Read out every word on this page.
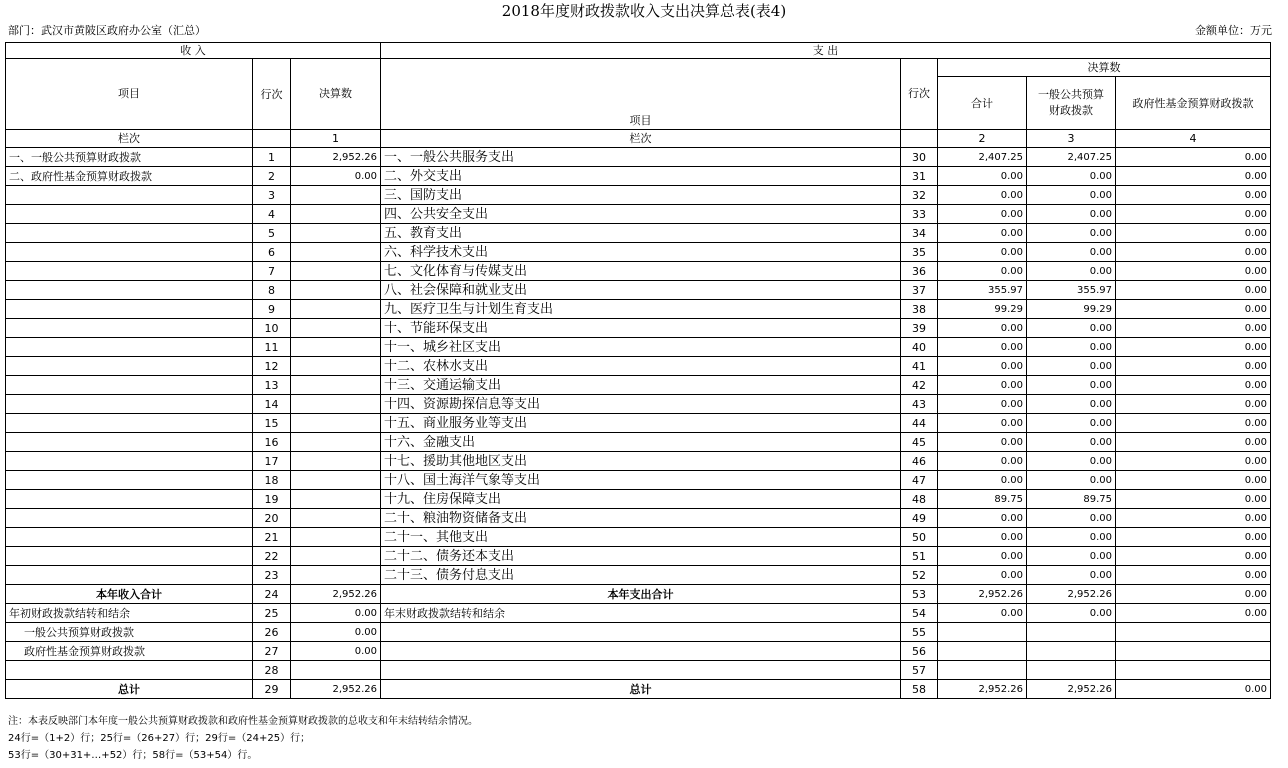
2018年度财政拨款收入支出决算总表(表4)
部门：武汉市黄陂区政府办公室（汇总）	金额单位：万元
收 入			支 出				
项目	行次	决算数	项目	行次	决算数		
					合计	一般公共预算财政拨款	政府性基金预算财政拨款
栏次		1	栏次		2	3	4
一、一般公共预算财政拨款	1	2,952.26	一、一般公共服务支出	30	2,407.25	2,407.25	0.00
二、政府性基金预算财政拨款	2	0.00	二、外交支出	31	0.00	0.00	0.00
	3		三、国防支出	32	0.00	0.00	0.00
	4		四、公共安全支出	33	0.00	0.00	0.00
	5		五、教育支出	34	0.00	0.00	0.00
	6		六、科学技术支出	35	0.00	0.00	0.00
	7		七、文化体育与传媒支出	36	0.00	0.00	0.00
	8		八、社会保障和就业支出	37	355.97	355.97	0.00
	9		九、医疗卫生与计划生育支出	38	99.29	99.29	0.00
	10		十、节能环保支出	39	0.00	0.00	0.00
	11		十一、城乡社区支出	40	0.00	0.00	0.00
	12		十二、农林水支出	41	0.00	0.00	0.00
	13		十三、交通运输支出	42	0.00	0.00	0.00
	14		十四、资源勘探信息等支出	43	0.00	0.00	0.00
	15		十五、商业服务业等支出	44	0.00	0.00	0.00
	16		十六、金融支出	45	0.00	0.00	0.00
	17		十七、援助其他地区支出	46	0.00	0.00	0.00
	18		十八、国土海洋气象等支出	47	0.00	0.00	0.00
	19		十九、住房保障支出	48	89.75	89.75	0.00
	20		二十、粮油物资储备支出	49	0.00	0.00	0.00
	21		二十一、其他支出	50	0.00	0.00	0.00
	22		二十二、债务还本支出	51	0.00	0.00	0.00
	23		二十三、债务付息支出	52	0.00	0.00	0.00
本年收入合计	24	2,952.26	本年支出合计	53	2,952.26	2,952.26	0.00
年初财政拨款结转和结余	25	0.00	年末财政拨款结转和结余	54	0.00	0.00	0.00
一般公共预算财政拨款	26	0.00		55			
政府性基金预算财政拨款	27	0.00		56			
	28			57			
总计	29	2,952.26	总计	58	2,952.26	2,952.26	0.00
注：本表反映部门本年度一般公共预算财政拨款和政府性基金预算财政拨款的总收支和年末结转结余情况。
24行=（1+2）行；25行=（26+27）行；29行=（24+25）行；
53行=（30+31+…+52）行；58行=（53+54）行。
